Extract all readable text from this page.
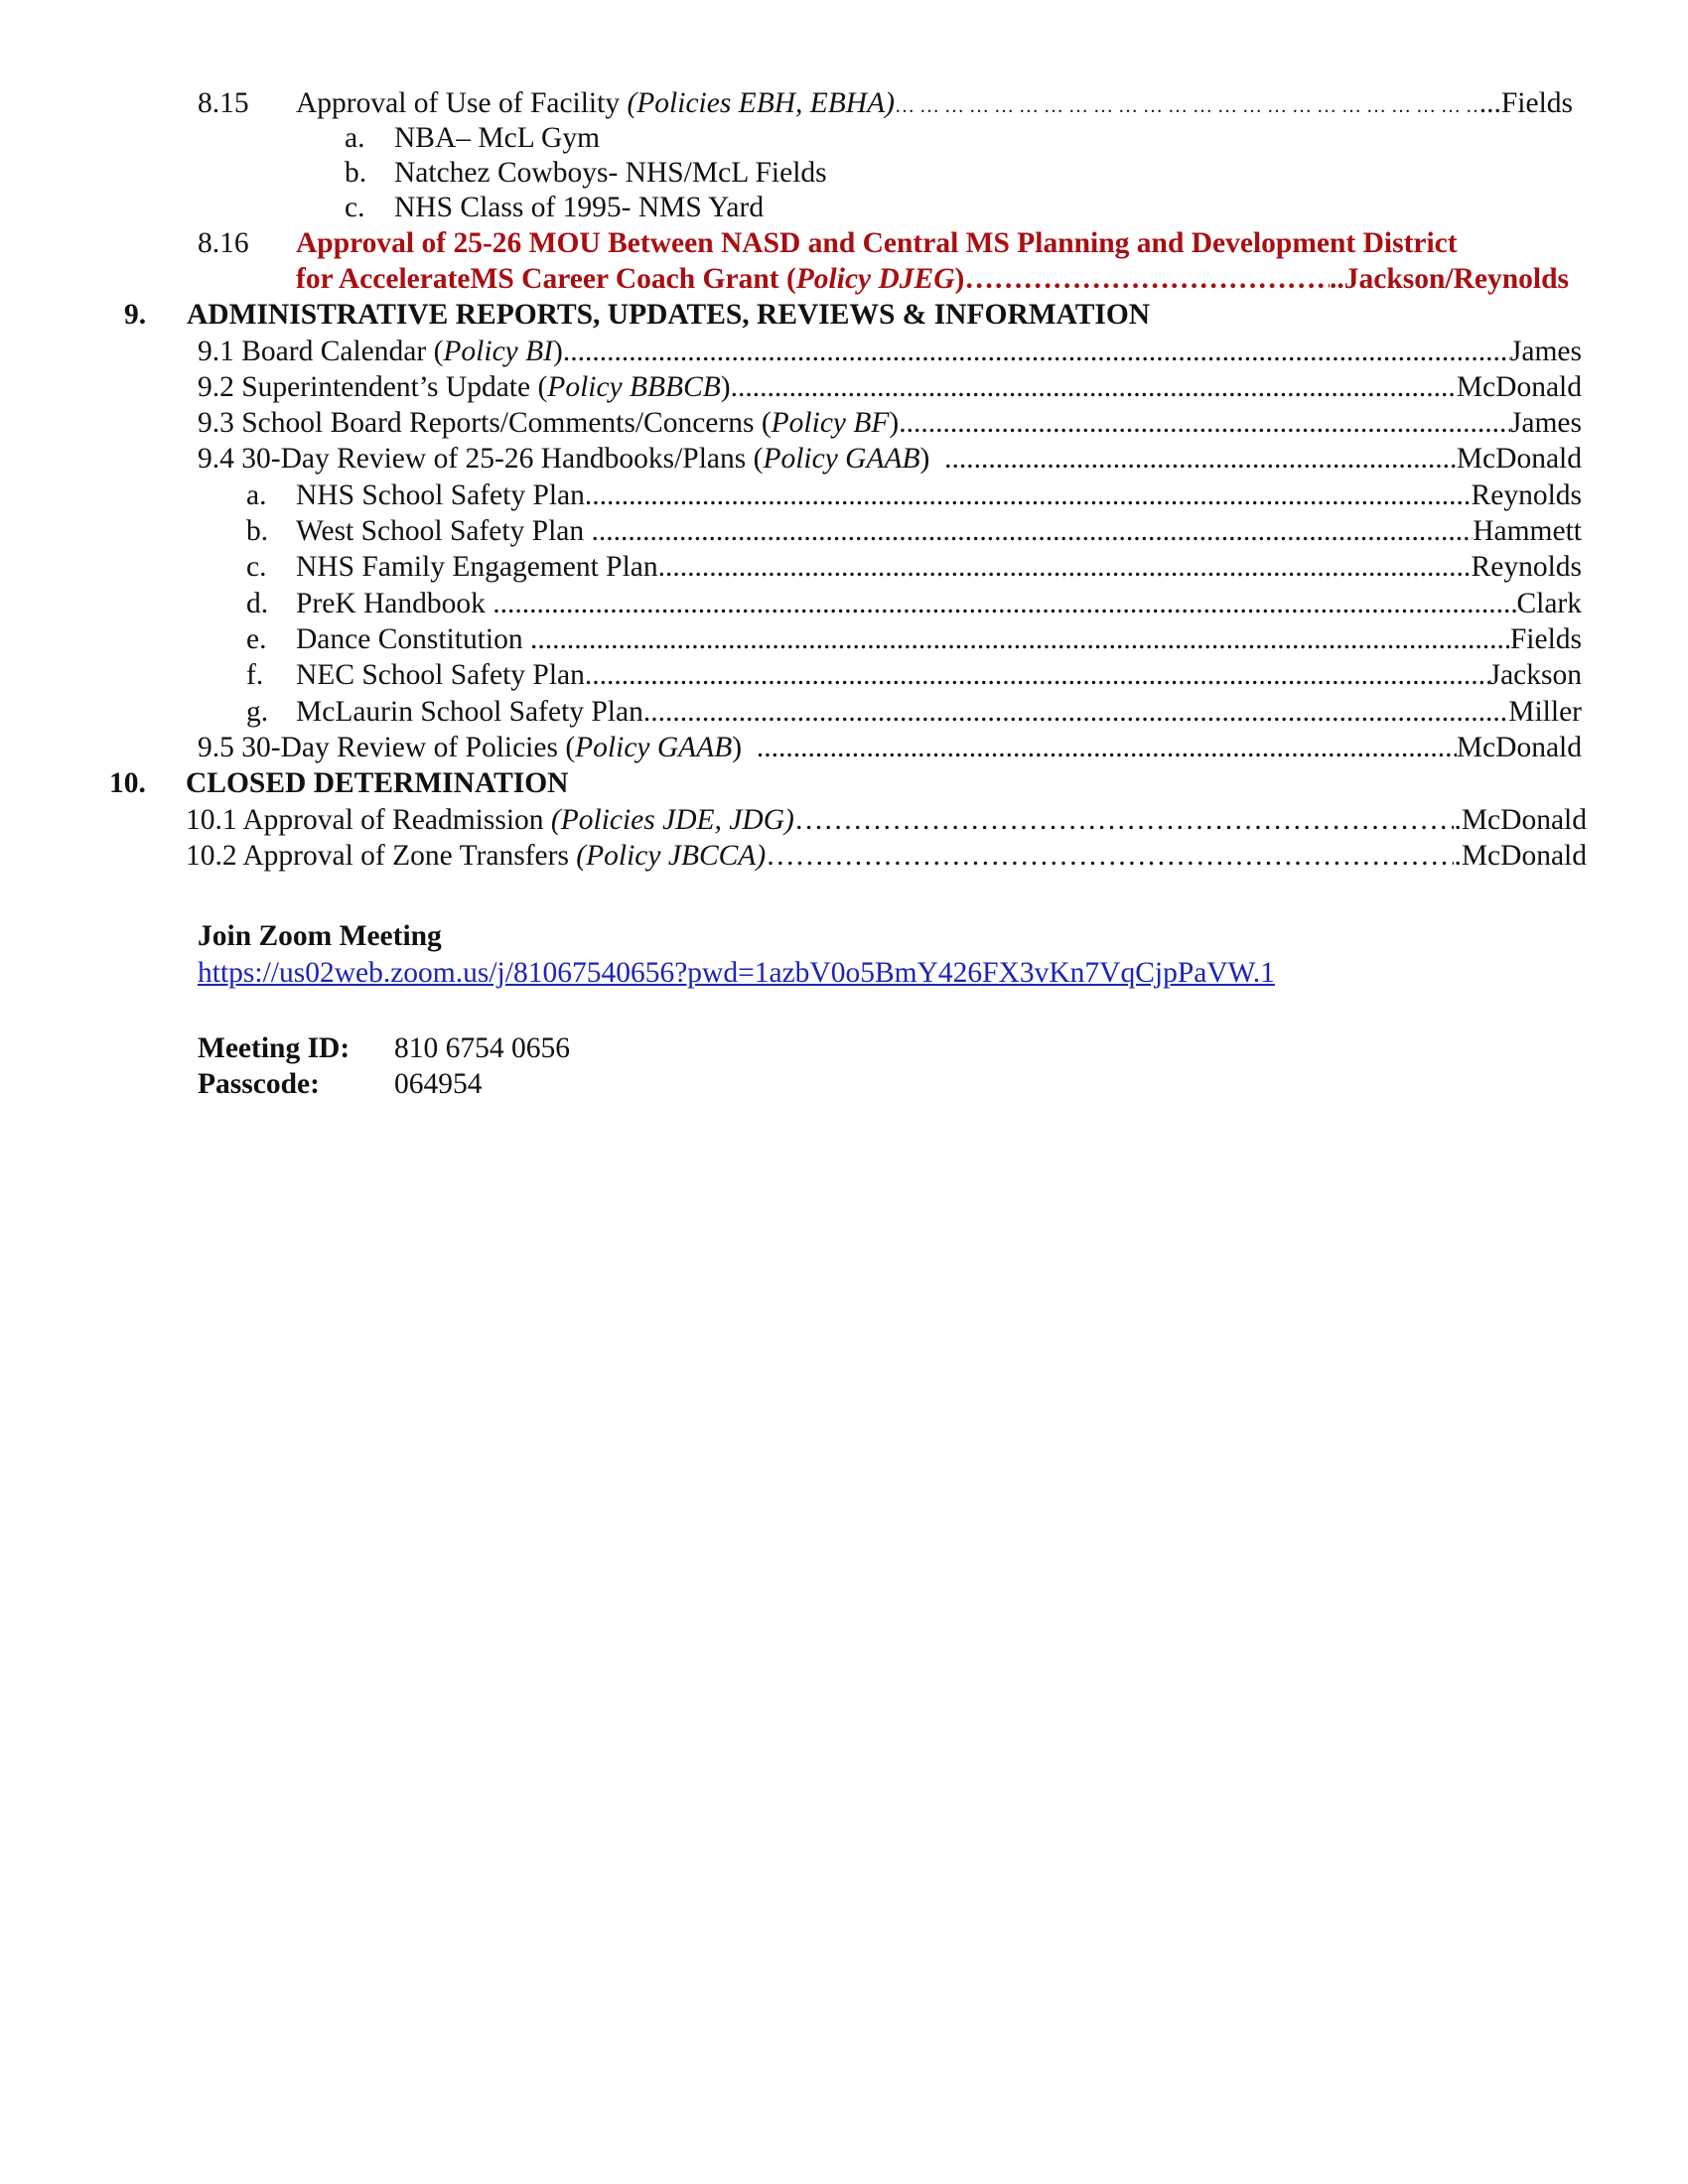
8.15 Approval of Use of Facility (Policies EBH, EBHA) … … … … … … … … … … … … … … … … … … … … … … … … … … … … … … … … … … … … … … … … … … … … … … … … … … … … … …	...Fields
a. NBA– McL Gym
b. Natchez Cowboys- NHS/McL Fields
c. NHS Class of 1995- NMS Yard
8.16 Approval of 25-26 MOU Between NASD and Central MS Planning and Development District
for AccelerateMS Career Coach Grant (Policy DJEG) …………………………………………………………………………………………………………………………………………………………………………………	..Jackson/Reynolds
9. ADMINISTRATIVE REPORTS, UPDATES, REVIEWS & INFORMATION
9.1 Board Calendar (Policy BI) .....	James
9.2 Superintendent’s Update (Policy BBBCB) .....	McDonald
9.3 School Board Reports/Comments/Concerns (Policy BF) .....	James
9.4 30-Day Review of 25-26 Handbooks/Plans (Policy GAAB) .....	McDonald
a. NHS School Safety Plan .....	Reynolds
b. West School Safety Plan .....	Hammett
c. NHS Family Engagement Plan .....	Reynolds
d. PreK Handbook .....	Clark
e. Dance Constitution .....	Fields
f. NEC School Safety Plan .....	Jackson
g. McLaurin School Safety Plan .....	Miller
9.5 30-Day Review of Policies (Policy GAAB) .....	McDonald
10. CLOSED DETERMINATION
10.1 Approval of Readmission (Policies JDE, JDG) …………………………………………………………………………………………………………………………………………………………………………………	.McDonald
10.2 Approval of Zone Transfers (Policy JBCCA) …………………………………………………………………………………………………………………………………………………………………………………	.McDonald
Join Zoom Meeting
https://us02web.zoom.us/j/81067540656?pwd=1azbV0o5BmY426FX3vKn7VqCjpPaVW.1
Meeting ID: 810 6754 0656
Passcode:	064954
